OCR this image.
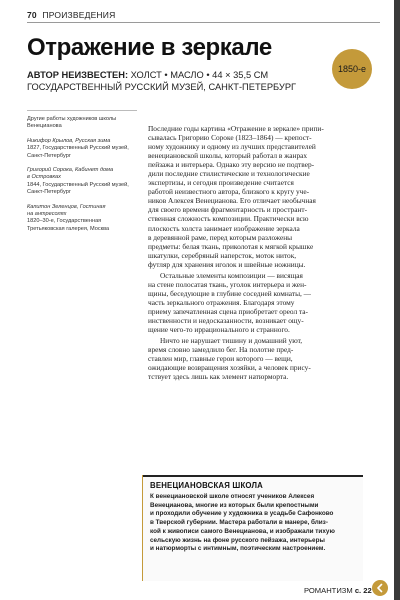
70 ПРОИЗВЕДЕНИЯ
Отражение в зеркале
АВТОР НЕИЗВЕСТЕН: ХОЛСТ • МАСЛО • 44 × 35,5 СМ
ГОСУДАРСТВЕННЫЙ РУССКИЙ МУЗЕЙ, САНКТ-ПЕТЕРБУРГ
1850-е
Другие работы художников школы
Венецианова
Никифор Крылов, Русская зима
1827, Государственный Русский музей,
Санкт-Петербург
Григорий Сорока, Кабинет дома
в Островках
1844, Государственный Русский музей,
Санкт-Петербург
Капитон Зеленцов, Гостиная
на антресолях
1820–30-е, Государственная
Третьяковская галерея, Москва
Последние годы картина «Отражение в зеркале» припи-
сывалась Григорию Сороке (1823–1864) — крепост-
ному художнику и одному из лучших представителей
венециановской школы, который работал в жанрах
пейзажа и интерьера. Однако эту версию не подтвер-
дили последние стилистические и технологические
экспертизы, и сегодня произведение считается
работой неизвестного автора, близкого к кругу уче-
ников Алексея Венецианова. Его отличает необычная
для своего времени фрагментарность и пространт-
ственная сложность композиции. Практически всю
плоскость холста занимает изображение зеркала
в деревянной раме, перед которым разложены
предметы: белая ткань, приколотая к мягкой крышке
шкатулки, серебряный наперсток, моток ниток,
футляр для хранения иголок и швейные ножницы.
Остальные элементы композиции — висящая
на стене полосатая ткань, уголок интерьера и жен-
щины, беседующие в глубине соседней комнаты, —
часть зеркального отражения. Благодаря этому
приему запечатленная сцена приобретает ореол та-
инственности и недосказанности, возникает ощу-
щение чего-то иррационального и странного.
Ничто не нарушает тишину и домашний уют,
время словно замедлило бег. На полотне пред-
ставлен мир, главные герои которого — вещи,
ожидающие возвращения хозяйки, а человек прису-
тствует здесь лишь как элемент натюрморта.
ВЕНЕЦИАНОВСКАЯ ШКОЛА
К венециановской школе относят учеников Алексея
Венецианова, многие из которых были крепостными
и проходили обучение у художника в усадьбе Сафонково
в Тверской губернии. Мастера работали в манере, близ-
кой к живописи самого Венецианова, и изображали тихую
сельскую жизнь на фоне русского пейзажа, интерьеры
и натюрморты с интимным, поэтическим настроением.
РОМАНТИЗМ с. 22
